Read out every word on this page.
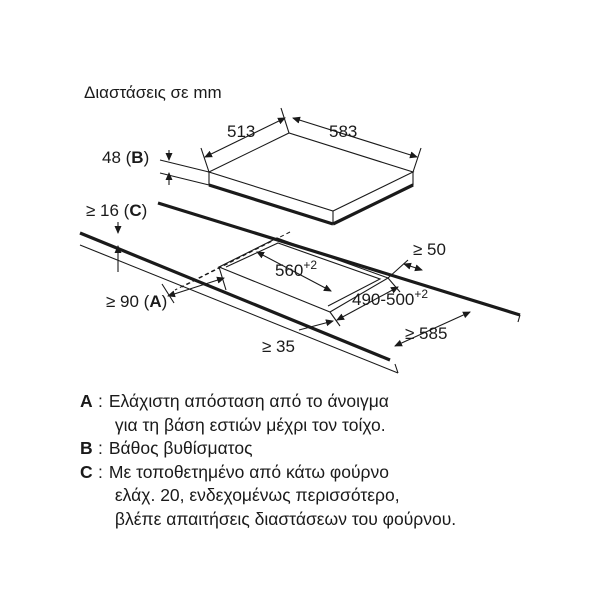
Διαστάσεις σε mm
513	583
48 (B)
≥ 16 (C)
≥ 90 (A)
$560^{+2}$
$490-500^{+2}$
≥ 50
≥ 585
≥ 35
A : Ελάχιστη απόσταση από το άνοιγμα
για τη βάση εστιών μέχρι τον τοίχο.
B : Βάθος βυθίσματος
C : Με τοποθετημένο από κάτω φούρνο
ελάχ. 20, ενδεχομένως περισσότερο,
βλέπε απαιτήσεις διαστάσεων του φούρνου.
